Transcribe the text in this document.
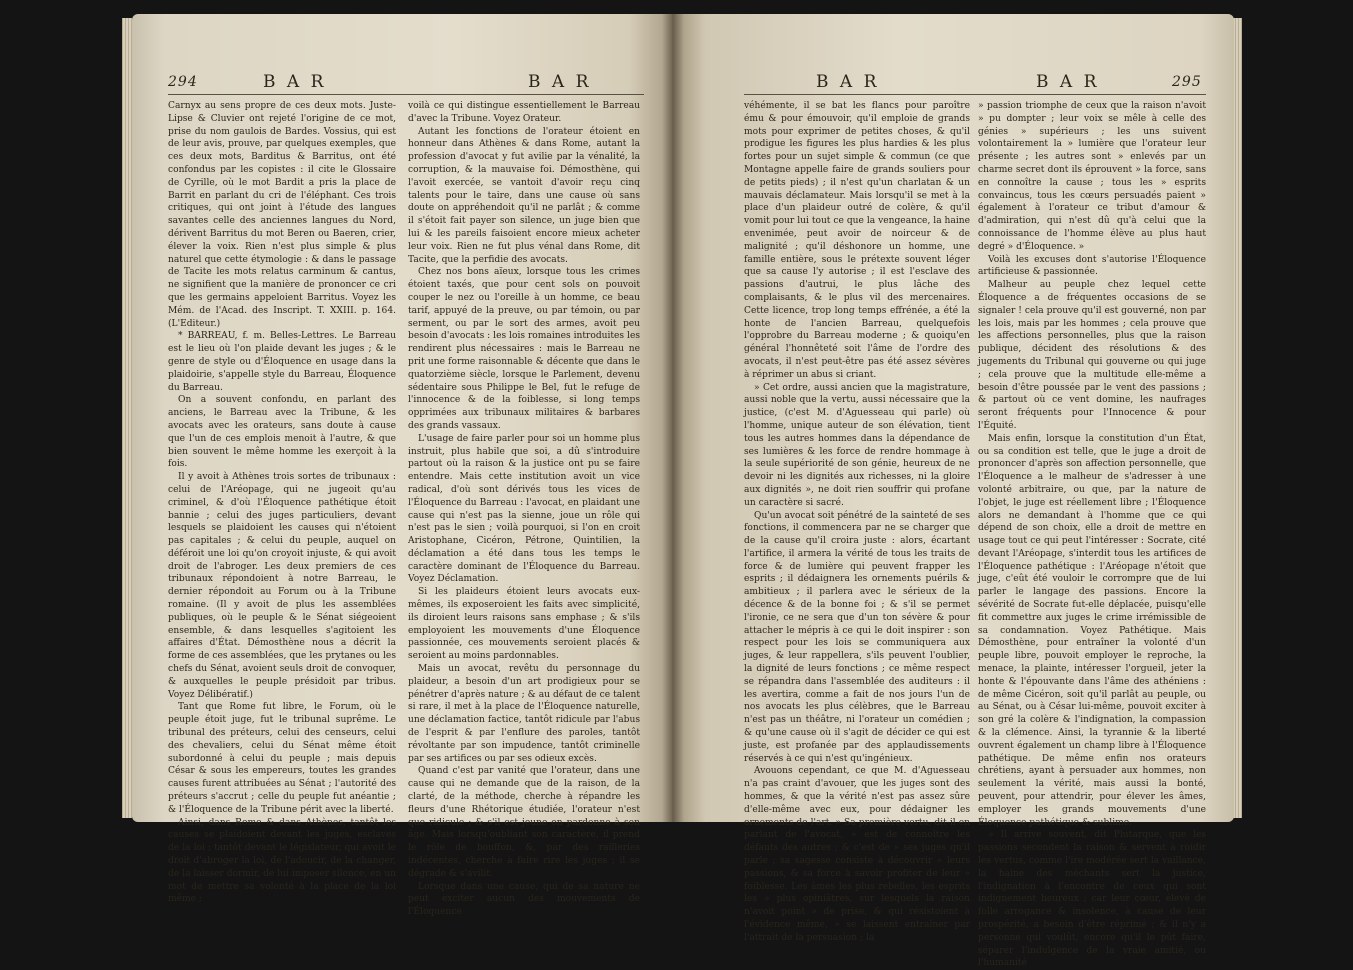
294	B A R	B A R

Carnyx au sens propre de ces deux mots. Juste-Lipse & Cluvier ont rejeté l'origine de ce mot, prise du nom gaulois de Bardes. Vossius, qui est de leur avis, prouve, par quelques exemples, que ces deux mots, Barditus & Barritus, ont été confondus par les copistes : il cite le Glossaire de Cyrille, où le mot Bardit a pris la place de Barrit en parlant du cri de l'éléphant. Ces trois critiques, qui ont joint à l'étude des langues savantes celle des anciennes langues du Nord, dérivent Barritus du mot Beren ou Baeren, crier, élever la voix. Rien n'est plus simple & plus naturel que cette étymologie : & dans le passage de Tacite les mots relatus carminum & cantus, ne signifient que la manière de prononcer ce cri que les germains appeloient Barritus. Voyez les Mém. de l'Acad. des Inscript. T. XXIII. p. 164. (L'Editeur.)

* BARREAU, f. m. Belles-Lettres. Le Barreau est le lieu où l'on plaide devant les juges ; & le genre de style ou d'Éloquence en usage dans la plaidoirie, s'appelle style du Barreau, Éloquence du Barreau.

On a souvent confondu, en parlant des anciens, le Barreau avec la Tribune, & les avocats avec les orateurs, sans doute à cause que l'un de ces emplois menoit à l'autre, & que bien souvent le même homme les exerçoit à la fois.

Il y avoit à Athènes trois sortes de tribunaux : celui de l'Aréopage, qui ne jugeoit qu'au criminel, & d'où l'Éloquence pathétique étoit bannie ; celui des juges particuliers, devant lesquels se plaidoient les causes qui n'étoient pas capitales ; & celui du peuple, auquel on déféroit une loi qu'on croyoit injuste, & qui avoit droit de l'abroger. Les deux premiers de ces tribunaux répondoient à notre Barreau, le dernier répondoit au Forum ou à la Tribune romaine. (Il y avoit de plus les assemblées publiques, où le peuple & le Sénat siégeoient ensemble, & dans lesquelles s'agitoient les affaires d'État. Démosthène nous a décrit la forme de ces assemblées, que les prytanes ou les chefs du Sénat, avoient seuls droit de convoquer, & auxquelles le peuple présidoit par tribus. Voyez Délibératif.)

Tant que Rome fut libre, le Forum, où le peuple étoit juge, fut le tribunal suprême. Le tribunal des préteurs, celui des censeurs, celui des chevaliers, celui du Sénat même étoit subordonné à celui du peuple ; mais depuis César & sous les empereurs, toutes les grandes causes furent attribuées au Sénat ; l'autorité des préteurs s'accrut ; celle du peuple fut anéantie ; & l'Éloquence de la Tribune périt avec la liberté.

Ainsi, dans Rome & dans Athènes, tantôt les causes se plaidoient devant les juges, esclaves de la loi ; tantôt devant le législateur, qui avoit le droit d'abroger la loi, de l'adoucir, de la changer, de la laisser dormir, de lui imposer silence, en un mot de mettre sa volonté à la place de la loi même ;

voilà ce qui distingue essentiellement le Barreau d'avec la Tribune. Voyez Orateur.

Autant les fonctions de l'orateur étoient en honneur dans Athènes & dans Rome, autant la profession d'avocat y fut avilie par la vénalité, la corruption, & la mauvaise foi. Démosthène, qui l'avoit exercée, se vantoit d'avoir reçu cinq talents pour le taire, dans une cause où sans doute on appréhendoit qu'il ne parlât ; & comme il s'étoit fait payer son silence, un juge bien que lui & les pareils faisoient encore mieux acheter leur voix. Rien ne fut plus vénal dans Rome, dit Tacite, que la perfidie des avocats.

Chez nos bons aïeux, lorsque tous les crimes étoient taxés, que pour cent sols on pouvoit couper le nez ou l'oreille à un homme, ce beau tarif, appuyé de la preuve, ou par témoin, ou par serment, ou par le sort des armes, avoit peu besoin d'avocats : les lois romaines introduites les rendirent plus nécessaires : mais le Barreau ne prit une forme raisonnable & décente que dans le quatorzième siècle, lorsque le Parlement, devenu sédentaire sous Philippe le Bel, fut le refuge de l'innocence & de la foiblesse, si long temps opprimées aux tribunaux militaires & barbares des grands vassaux.

L'usage de faire parler pour soi un homme plus instruit, plus habile que soi, a dû s'introduire partout où la raison & la justice ont pu se faire entendre. Mais cette institution avoit un vice radical, d'où sont dérivés tous les vices de l'Éloquence du Barreau : l'avocat, en plaidant une cause qui n'est pas la sienne, joue un rôle qui n'est pas le sien ; voilà pourquoi, si l'on en croit Aristophane, Cicéron, Pétrone, Quintilien, la déclamation a été dans tous les temps le caractère dominant de l'Éloquence du Barreau. Voyez Déclamation.

Si les plaideurs étoient leurs avocats eux-mêmes, ils exposeroient les faits avec simplicité, ils diroient leurs raisons sans emphase ; & s'ils employoient les mouvements d'une Éloquence passionnée, ces mouvements seroient placés & seroient au moins pardonnables.

Mais un avocat, revêtu du personnage du plaideur, a besoin d'un art prodigieux pour se pénétrer d'après nature ; & au défaut de ce talent si rare, il met à la place de l'Éloquence naturelle, une déclamation factice, tantôt ridicule par l'abus de l'esprit & par l'enflure des paroles, tantôt révoltante par son impudence, tantôt criminelle par ses artifices ou par ses odieux excès.

Quand c'est par vanité que l'orateur, dans une cause qui ne demande que de la raison, de la clarté, de la méthode, cherche à répandre les fleurs d'une Rhétorique étudiée, l'orateur n'est que ridicule ; & s'il est jeune on pardonne à son âge. Mais lorsqu'oubliant son caractère, il prend le rôle de bouffon, &, par des railleries indécentes, cherche à faire rire les juges ; il se dégrade & s'avilit.

Lorsque dans une cause, qui de sa nature ne peut exciter aucun des mouvements de l'Éloquence

B A R	B A R	295

véhémente, il se bat les flancs pour paroître ému & pour émouvoir, qu'il emploie de grands mots pour exprimer de petites choses, & qu'il prodigue les figures les plus hardies & les plus fortes pour un sujet simple & commun (ce que Montagne appelle faire de grands souliers pour de petits pieds) ; il n'est qu'un charlatan & un mauvais déclamateur. Mais lorsqu'il se met à la place d'un plaideur outré de colère, & qu'il vomit pour lui tout ce que la vengeance, la haine envenimée, peut avoir de noirceur & de malignité ; qu'il déshonore un homme, une famille entière, sous le prétexte souvent léger que sa cause l'y autorise ; il est l'esclave des passions d'autrui, le plus lâche des complaisants, & le plus vil des mercenaires. Cette licence, trop long temps effrénée, a été la honte de l'ancien Barreau, quelquefois l'opprobre du Barreau moderne ; & quoiqu'en général l'honnêteté soit l'âme de l'ordre des avocats, il n'est peut-être pas été assez sévères à réprimer un abus si criant.

» Cet ordre, aussi ancien que la magistrature, aussi noble que la vertu, aussi nécessaire que la justice, (c'est M. d'Aguesseau qui parle) où l'homme, unique auteur de son élévation, tient tous les autres hommes dans la dépendance de ses lumières & les force de rendre hommage à la seule supériorité de son génie, heureux de ne devoir ni les dignités aux richesses, ni la gloire aux dignités », ne doit rien souffrir qui profane un caractère si sacré.

Qu'un avocat soit pénétré de la sainteté de ses fonctions, il commencera par ne se charger que de la cause qu'il croira juste : alors, écartant l'artifice, il armera la vérité de tous les traits de force & de lumière qui peuvent frapper les esprits ; il dédaignera les ornements puérils & ambitieux ; il parlera avec le sérieux de la décence & de la bonne foi ; & s'il se permet l'ironie, ce ne sera que d'un ton sévère & pour attacher le mépris à ce qui le doit inspirer : son respect pour les lois se communiquera aux juges, & leur rappellera, s'ils peuvent l'oublier, la dignité de leurs fonctions ; ce même respect se répandra dans l'assemblée des auditeurs : il les avertira, comme a fait de nos jours l'un de nos avocats les plus célèbres, que le Barreau n'est pas un théâtre, ni l'orateur un comédien ; & qu'une cause où il s'agit de décider ce qui est juste, est profanée par des applaudissements réservés à ce qui n'est qu'ingénieux.

Avouons cependant, ce que M. d'Aguesseau n'a pas craint d'avouer, que les juges sont des hommes, & que la vérité n'est pas assez sûre d'elle-même avec eux, pour dédaigner les ornements de l'art. » Sa première vertu, dit-il en parlant de l'avocat, » est de connoître les défauts des autres ; & c'est de » ses juges qu'il parle ; sa sagesse consiste à découvrir » leurs passions, & sa force à savoir profiter de leur » foiblesse. Les âmes les plus rebelles, les esprits les » plus opiniâtres, sur lesquels la raison n'avoit point » de prise, & qui résistoient à l'évidence même, » se laissent entraîner par l'attrait de la persuasion ; la

» passion triomphe de ceux que la raison n'avoit » pu dompter ; leur voix se mêle à celle des génies » supérieurs ; les uns suivent volontairement la » lumière que l'orateur leur présente ; les autres sont » enlevés par un charme secret dont ils éprouvent » la force, sans en connoître la cause ; tous les » esprits convaincus, tous les cœurs persuadés paient » également à l'orateur ce tribut d'amour & d'admiration, qui n'est dû qu'à celui que la connoissance de l'homme élève au plus haut degré » d'Éloquence. »

Voilà les excuses dont s'autorise l'Éloquence artificieuse & passionnée.

Malheur au peuple chez lequel cette Éloquence a de fréquentes occasions de se signaler ! cela prouve qu'il est gouverné, non par les lois, mais par les hommes ; cela prouve que les affections personnelles, plus que la raison publique, décident des résolutions & des jugements du Tribunal qui gouverne ou qui juge ; cela prouve que la multitude elle-même a besoin d'être poussée par le vent des passions ; & partout où ce vent domine, les naufrages seront fréquents pour l'Innocence & pour l'Équité.

Mais enfin, lorsque la constitution d'un État, ou sa condition est telle, que le juge a droit de prononcer d'après son affection personnelle, que l'Éloquence a le malheur de s'adresser à une volonté arbitraire, ou que, par la nature de l'objet, le juge est réellement libre ; l'Éloquence alors ne demandant à l'homme que ce qui dépend de son choix, elle a droit de mettre en usage tout ce qui peut l'intéresser : Socrate, cité devant l'Aréopage, s'interdit tous les artifices de l'Éloquence pathétique : l'Aréopage n'étoit que juge, c'eût été vouloir le corrompre que de lui parler le langage des passions. Encore la sévérité de Socrate fut-elle déplacée, puisqu'elle fit commettre aux juges le crime irrémissible de sa condamnation. Voyez Pathétique. Mais Démosthène, pour entraîner la volonté d'un peuple libre, pouvoit employer le reproche, la menace, la plainte, intéresser l'orgueil, jeter la honte & l'épouvante dans l'âme des athéniens : de même Cicéron, soit qu'il parlât au peuple, ou au Sénat, ou à César lui-même, pouvoit exciter à son gré la colère & l'indignation, la compassion & la clémence. Ainsi, la tyrannie & la liberté ouvrent également un champ libre à l'Éloquence pathétique. De même enfin nos orateurs chrétiens, ayant à persuader aux hommes, non seulement la vérité, mais aussi la bonté, peuvent, pour attendrir, pour élever les âmes, employer les grands mouvements d'une Éloquence pathétique & sublime.

» Il arrive souvent, dit Plutarque, que les passions secondent la raison & servent à roidir les vertus, comme l'ire modérée sert la vaillance, la haine des méchants sert la justice, l'indignation à l'encontre de ceux qui sont indignement heureux ; car leur cœur, élevé de folle arrogance & insolence, à cause de leur prospérité, a besoin d'être réprimé ; & il n'y a personne qui voulût, encore qu'il le pût faire, séparer l'indulgence de la vraie amitié, ou l'humanité
